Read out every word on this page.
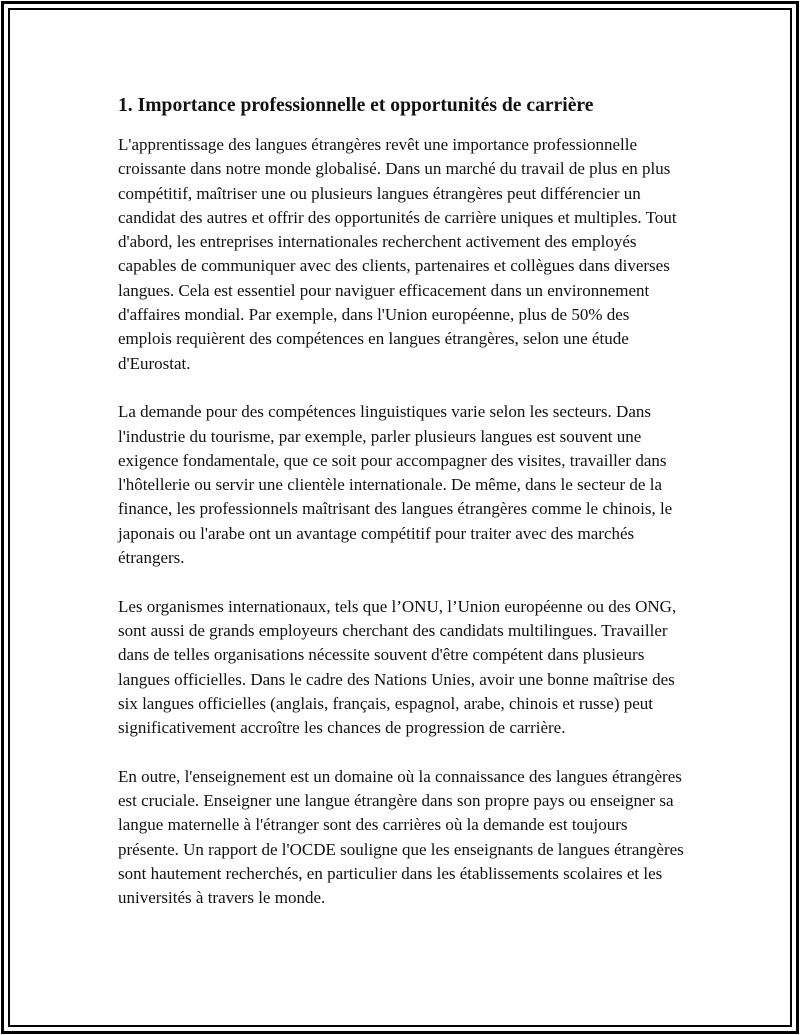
1. Importance professionnelle et opportunités de carrière

L'apprentissage des langues étrangères revêt une importance professionnelle croissante dans notre monde globalisé. Dans un marché du travail de plus en plus compétitif, maîtriser une ou plusieurs langues étrangères peut différencier un candidat des autres et offrir des opportunités de carrière uniques et multiples. Tout d'abord, les entreprises internationales recherchent activement des employés capables de communiquer avec des clients, partenaires et collègues dans diverses langues. Cela est essentiel pour naviguer efficacement dans un environnement d'affaires mondial. Par exemple, dans l'Union européenne, plus de 50% des emplois requièrent des compétences en langues étrangères, selon une étude d'Eurostat.

La demande pour des compétences linguistiques varie selon les secteurs. Dans l'industrie du tourisme, par exemple, parler plusieurs langues est souvent une exigence fondamentale, que ce soit pour accompagner des visites, travailler dans l'hôtellerie ou servir une clientèle internationale. De même, dans le secteur de la finance, les professionnels maîtrisant des langues étrangères comme le chinois, le japonais ou l'arabe ont un avantage compétitif pour traiter avec des marchés étrangers.

Les organismes internationaux, tels que l’ONU, l’Union européenne ou des ONG, sont aussi de grands employeurs cherchant des candidats multilingues. Travailler dans de telles organisations nécessite souvent d'être compétent dans plusieurs langues officielles. Dans le cadre des Nations Unies, avoir une bonne maîtrise des six langues officielles (anglais, français, espagnol, arabe, chinois et russe) peut significativement accroître les chances de progression de carrière.

En outre, l'enseignement est un domaine où la connaissance des langues étrangères est cruciale. Enseigner une langue étrangère dans son propre pays ou enseigner sa langue maternelle à l'étranger sont des carrières où la demande est toujours présente. Un rapport de l'OCDE souligne que les enseignants de langues étrangères sont hautement recherchés, en particulier dans les établissements scolaires et les universités à travers le monde.
